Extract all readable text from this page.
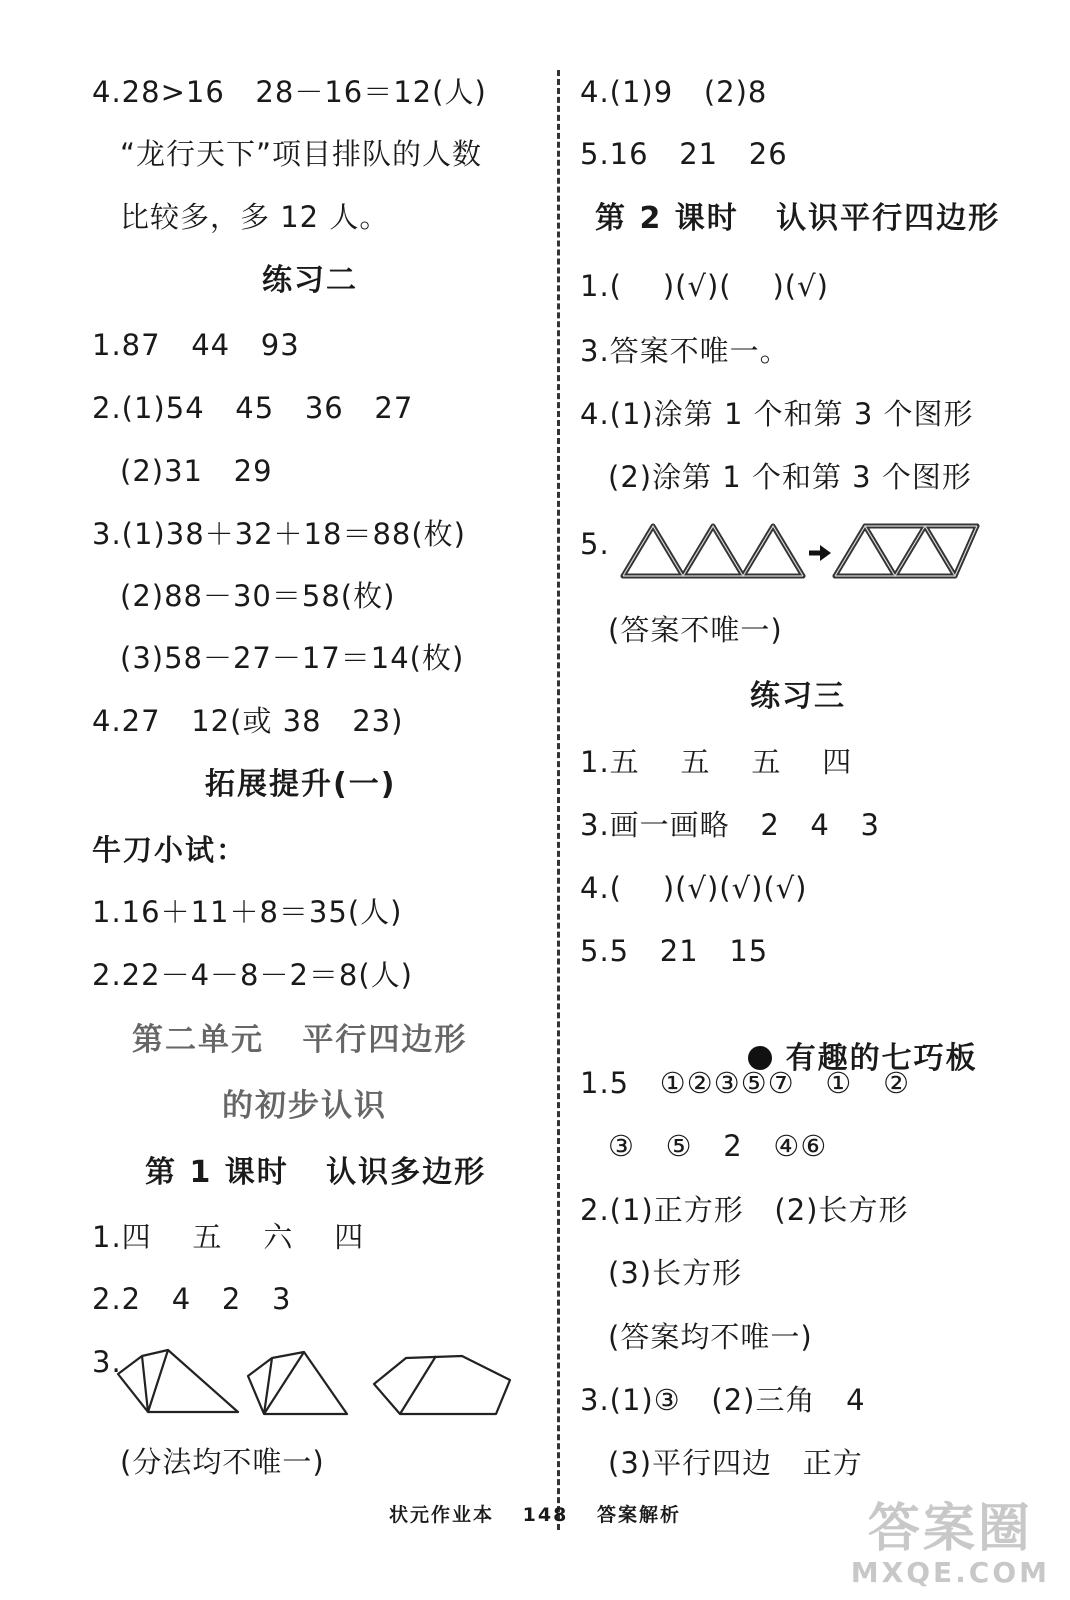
4.28>16   28－16＝12(人)
“龙行天下”项目排队的人数
比较多，多 12 人。
练习二
1.87   44   93
2.(1)54   45   36   27
(2)31   29
3.(1)38＋32＋18＝88(枚)
(2)88－30＝58(枚)
(3)58－27－17＝14(枚)
4.27   12(或 38   23)
拓展提升(一)
牛刀小试：
1.16＋11＋8＝35(人)
2.22－4－8－2＝8(人)
第二单元   平行四边形
的初步认识
第 1 课时   认识多边形
1.四    五    六    四
2.2   4   2   3
3.
(分法均不唯一)
4.(1)9   (2)8
5.16   21   26
第 2 课时   认识平行四边形
1.(    )(√)(    )(√)
3.答案不唯一。
4.(1)涂第 1 个和第 3 个图形
(2)涂第 1 个和第 3 个图形
5.
(答案不唯一)
练习三
1.五    五    五    四
3.画一画略   2   4   3
4.(    )(√)(√)(√)
5.5   21   15

有趣的七巧板

1.5   ①②③⑤⑦   ①   ②
③   ⑤   2   ④⑥
2.(1)正方形   (2)长方形
(3)长方形
(答案均不唯一)
3.(1)③   (2)三角   4
(3)平行四边   正方
状元作业本 148 答案解析	答案圈
MXQE.COM
